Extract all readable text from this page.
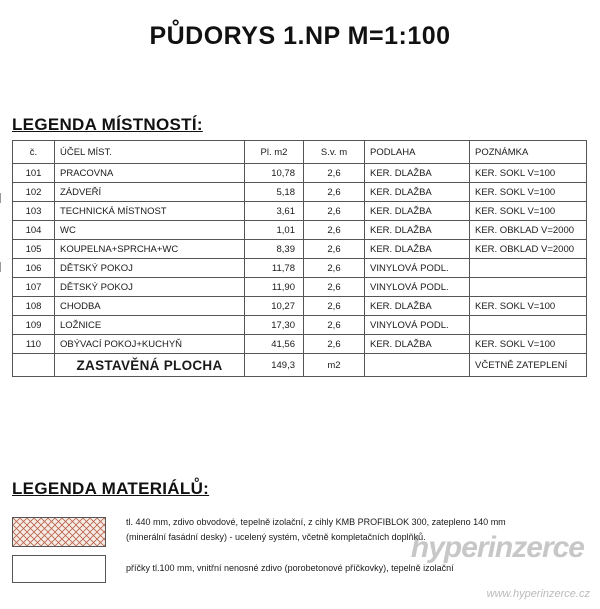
PŮDORYS 1.NP M=1:100
LEGENDA MÍSTNOSTÍ:
č.	ÚČEL MÍST.	Pl. m2	S.v. m	PODLAHA	POZNÁMKA
101	PRACOVNA	10,78	2,6	KER. DLAŽBA	KER. SOKL V=100
102	ZÁDVEŘÍ	5,18	2,6	KER. DLAŽBA	KER. SOKL V=100
103	TECHNICKÁ MÍSTNOST	3,61	2,6	KER. DLAŽBA	KER. SOKL V=100
104	WC	1,01	2,6	KER. DLAŽBA	KER. OBKLAD V=2000
105	KOUPELNA+SPRCHA+WC	8,39	2,6	KER. DLAŽBA	KER. OBKLAD V=2000
106	DĚTSKÝ POKOJ	11,78	2,6	VINYLOVÁ PODL.	
107	DĚTSKÝ POKOJ	11,90	2,6	VINYLOVÁ PODL.	
108	CHODBA	10,27	2,6	KER. DLAŽBA	KER. SOKL V=100
109	LOŽNICE	17,30	2,6	VINYLOVÁ PODL.	
110	OBÝVACÍ POKOJ+KUCHYŇ	41,56	2,6	KER. DLAŽBA	KER. SOKL V=100
	ZASTAVĚNÁ PLOCHA	149,3	m2		VČETNĚ ZATEPLENÍ
LEGENDA MATERIÁLŮ:
tl. 440 mm, zdivo obvodové, tepelně izolační, z cihly KMB PROFIBLOK 300, zatepleno 140 mm
(minerální fasádní desky) - ucelený systém, včetně kompletačních doplňků.
příčky tl.100 mm, vnitřní nenosné zdivo (porobetonové příčkovky), tepelně izolační
hyperinzerce
www.hyperinzerce.cz
